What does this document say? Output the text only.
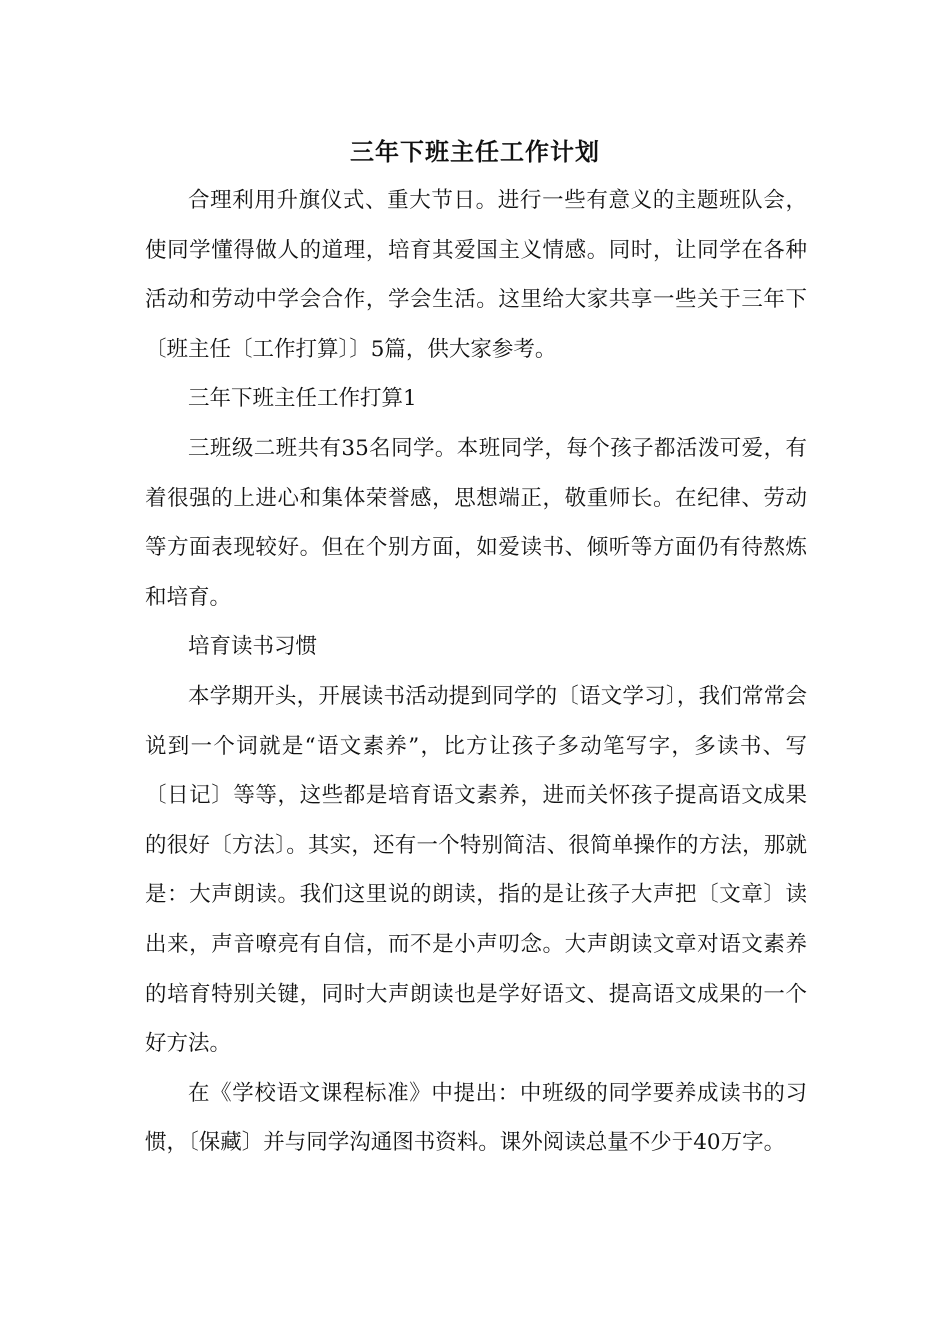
三年下班主任工作计划

合理利用升旗仪式、重大节日。进行一些有意义的主题班队会，使同学懂得做人的道理，培育其爱国主义情感。同时，让同学在各种活动和劳动中学会合作，学会生活。这里给大家共享一些关于三年下〔班主任〔工作打算〕〕5篇，供大家参考。

三年下班主任工作打算1

三班级二班共有35名同学。本班同学，每个孩子都活泼可爱，有着很强的上进心和集体荣誉感，思想端正，敬重师长。在纪律、劳动等方面表现较好。但在个别方面，如爱读书、倾听等方面仍有待熬炼和培育。

培育读书习惯

本学期开头，开展读书活动提到同学的〔语文学习〕，我们常常会说到一个词就是“语文素养”，比方让孩子多动笔写字，多读书、写〔日记〕等等，这些都是培育语文素养，进而关怀孩子提高语文成果的很好〔方法〕。其实，还有一个特别简洁、很简单操作的方法，那就是：大声朗读。我们这里说的朗读，指的是让孩子大声把〔文章〕读出来，声音嘹亮有自信，而不是小声叨念。大声朗读文章对语文素养的培育特别关键，同时大声朗读也是学好语文、提高语文成果的一个好方法。

在《学校语文课程标准》中提出：中班级的同学要养成读书的习惯，〔保藏〕并与同学沟通图书资料。课外阅读总量不少于40万字。
